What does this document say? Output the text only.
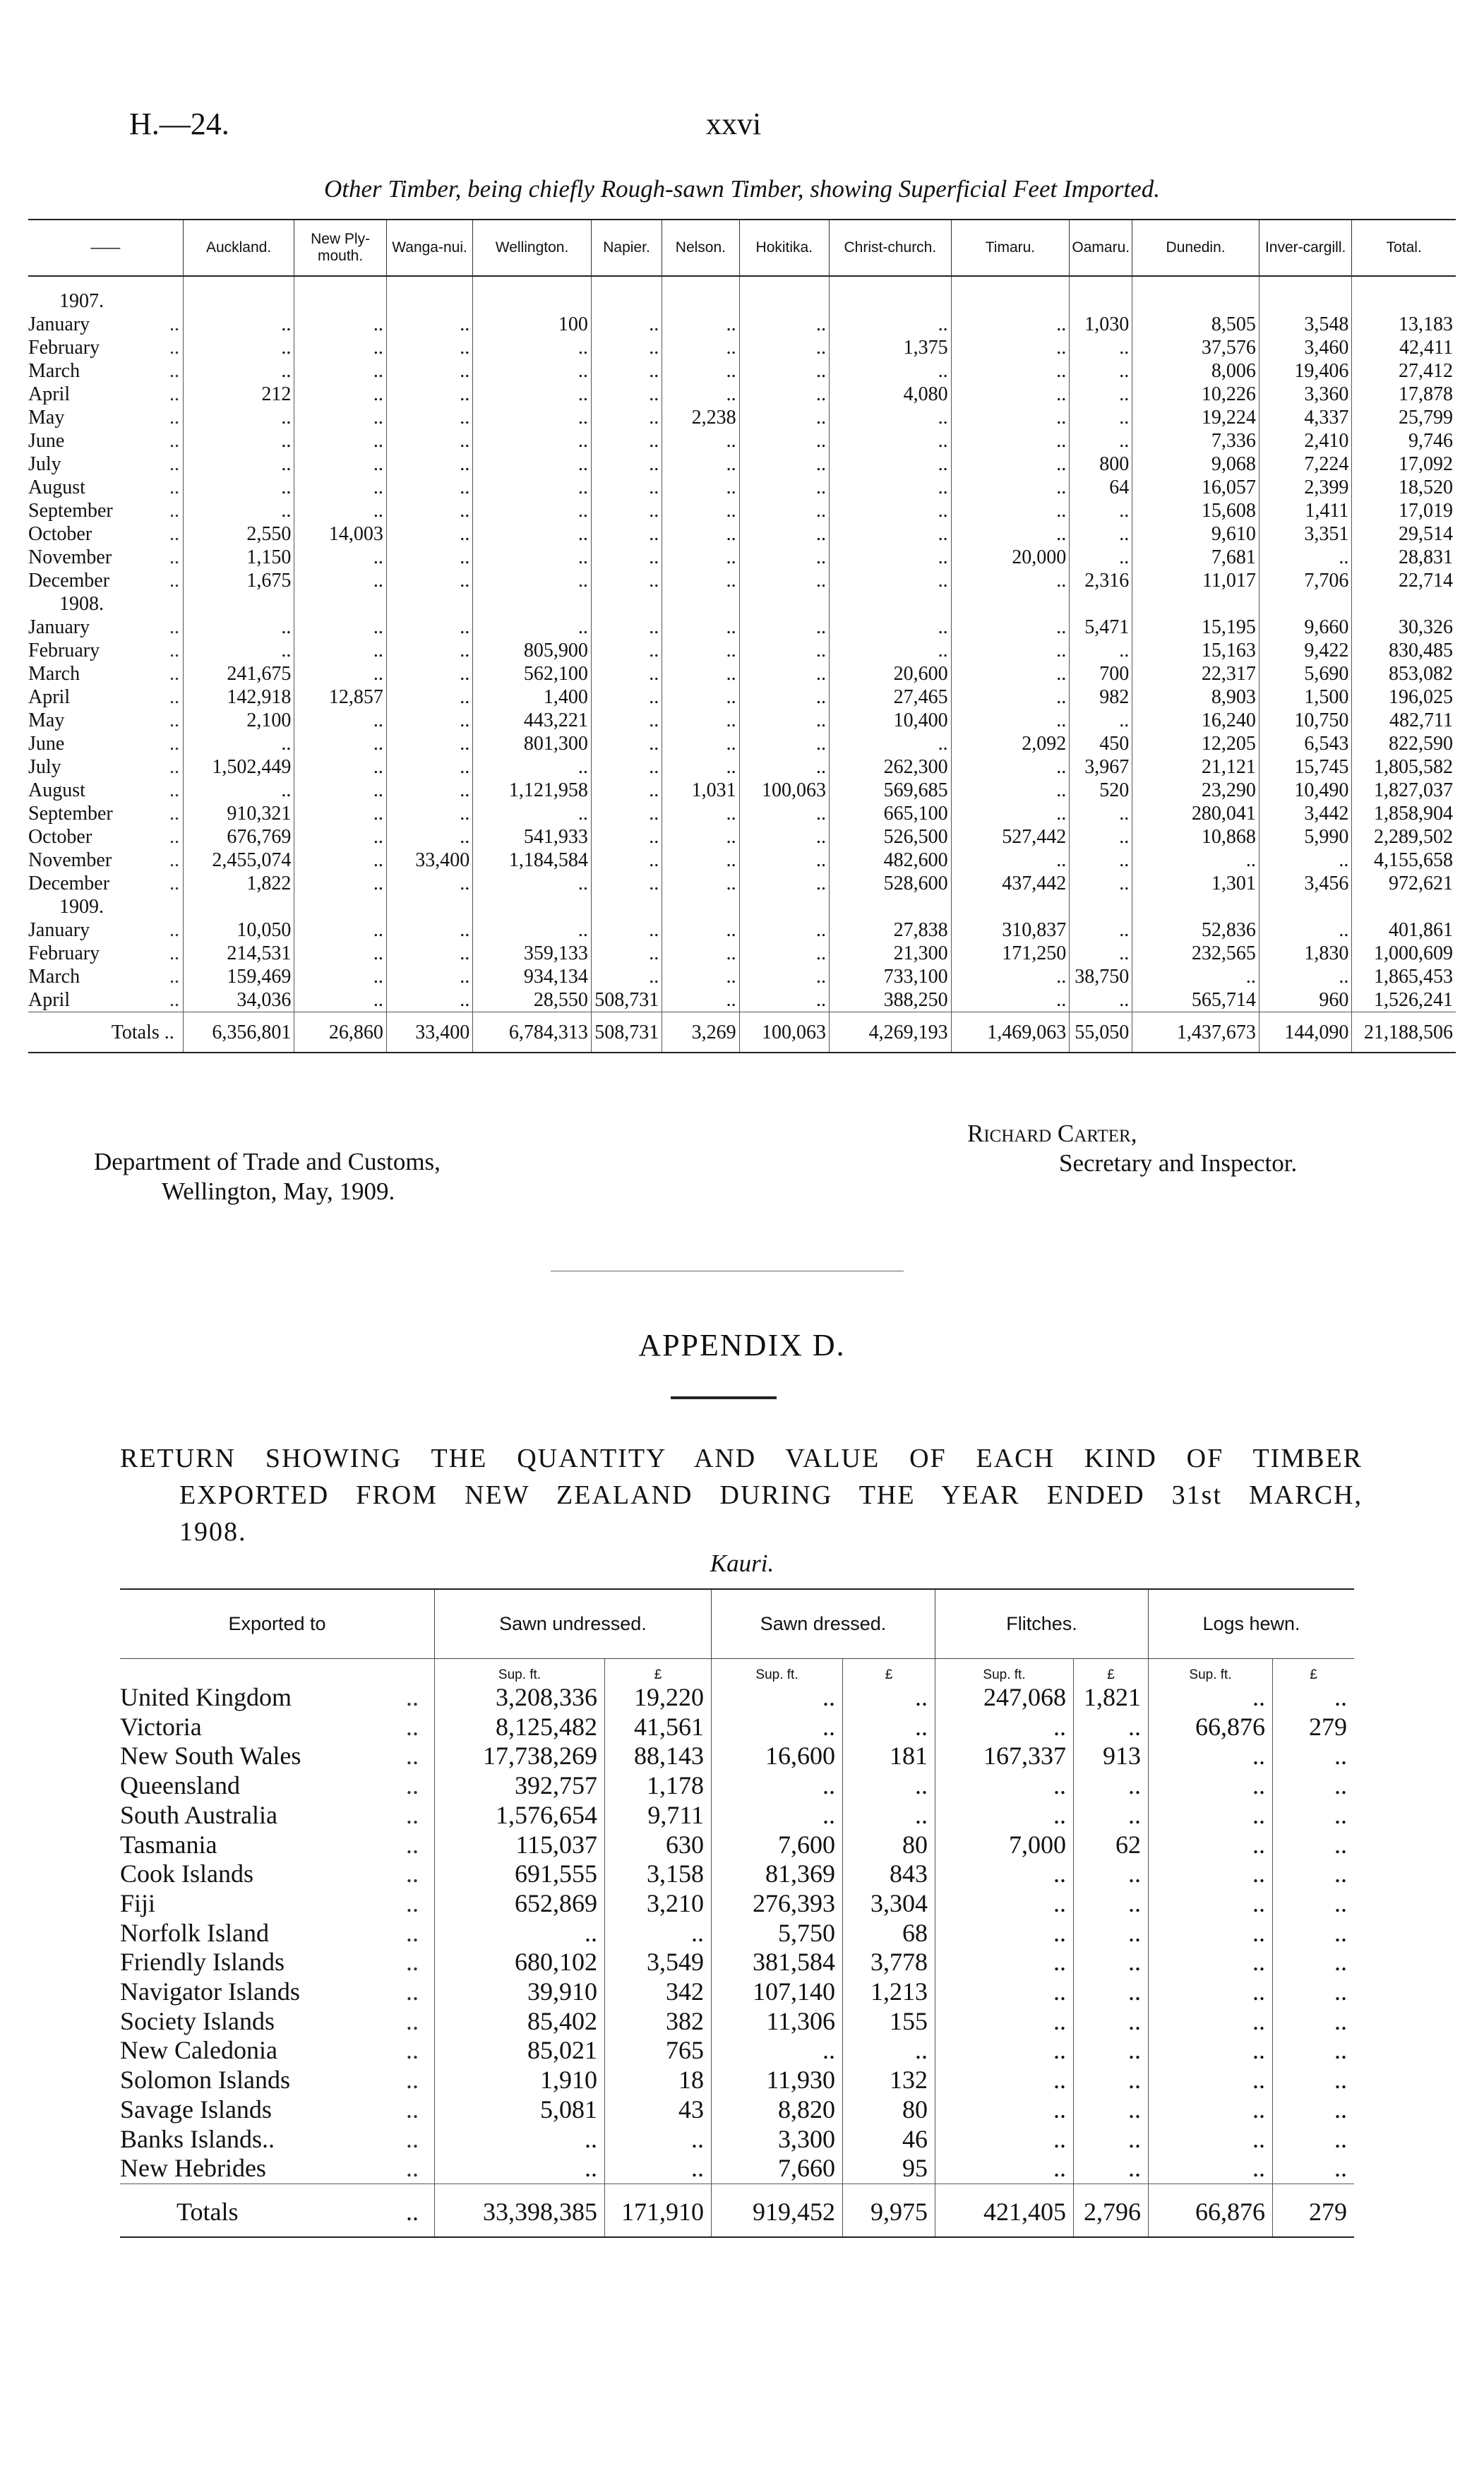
H.—24.	xxvi
Other Timber, being chiefly Rough-sawn Timber, showing Superficial Feet Imported.
——	Auckland.	New Ply-mouth.	Wanga-nui.	Wellington.	Napier.	Nelson.	Hokitika.	Christ-church.	Timaru.	Oamaru.	Dunedin.	Inver-cargill.	Total.

1907.													
January ..	..	..	..	100	..	..	..	..	..	1,030	8,505	3,548	13,183
February ..	..	..	..	..	..	..	..	1,375	..	..	37,576	3,460	42,411
March ..	..	..	..	..	..	..	..	..	..	..	8,006	19,406	27,412
April ..	212	..	..	..	..	..	..	4,080	..	..	10,226	3,360	17,878
May ..	..	..	..	..	..	2,238	..	..	..	..	19,224	4,337	25,799
June ..	..	..	..	..	..	..	..	..	..	..	7,336	2,410	9,746
July ..	..	..	..	..	..	..	..	..	..	800	9,068	7,224	17,092
August ..	..	..	..	..	..	..	..	..	..	64	16,057	2,399	18,520
September ..	..	..	..	..	..	..	..	..	..	..	15,608	1,411	17,019
October ..	2,550	14,003	..	..	..	..	..	..	..	..	9,610	3,351	29,514
November ..	1,150	..	..	..	..	..	..	..	20,000	..	7,681	..	28,831
December ..	1,675	..	..	..	..	..	..	..	..	2,316	11,017	7,706	22,714
1908.													
January ..	..	..	..	..	..	..	..	..	..	5,471	15,195	9,660	30,326
February ..	..	..	..	805,900	..	..	..	..	..	..	15,163	9,422	830,485
March ..	241,675	..	..	562,100	..	..	..	20,600	..	700	22,317	5,690	853,082
April ..	142,918	12,857	..	1,400	..	..	..	27,465	..	982	8,903	1,500	196,025
May ..	2,100	..	..	443,221	..	..	..	10,400	..	..	16,240	10,750	482,711
June ..	..	..	..	801,300	..	..	..	..	2,092	450	12,205	6,543	822,590
July ..	1,502,449	..	..	..	..	..	..	262,300	..	3,967	21,121	15,745	1,805,582
August ..	..	..	..	1,121,958	..	1,031	100,063	569,685	..	520	23,290	10,490	1,827,037
September ..	910,321	..	..	..	..	..	..	665,100	..	..	280,041	3,442	1,858,904
October ..	676,769	..	..	541,933	..	..	..	526,500	527,442	..	10,868	5,990	2,289,502
November ..	2,455,074	..	33,400	1,184,584	..	..	..	482,600	..	..	..	..	4,155,658
December ..	1,822	..	..	..	..	..	..	528,600	437,442	..	1,301	3,456	972,621
1909.													
January ..	10,050	..	..	..	..	..	..	27,838	310,837	..	52,836	..	401,861
February ..	214,531	..	..	359,133	..	..	..	21,300	171,250	..	232,565	1,830	1,000,609
March ..	159,469	..	..	934,134	..	..	..	733,100	..	38,750	..	..	1,865,453
April ..	34,036	..	..	28,550	508,731	..	..	388,250	..	..	565,714	960	1,526,241
Totals ..	6,356,801	26,860	33,400	6,784,313	508,731	3,269	100,063	4,269,193	1,469,063	55,050	1,437,673	144,090	21,188,506
Department of Trade and Customs,
Wellington, May, 1909.
Richard Carter,
Secretary and Inspector.
APPENDIX D.
RETURN SHOWING THE QUANTITY AND VALUE OF EACH KIND OF TIMBER
EXPORTED FROM NEW ZEALAND DURING THE YEAR ENDED 31st MARCH,
1908.
Kauri.
Exported to	Sawn undressed.		Sawn dressed.		Flitches.		Logs hewn.	
	Sup. ft.	£	Sup. ft.	£	Sup. ft.	£	Sup. ft.	£
United Kingdom ..	3,208,336	19,220	..	..	247,068	1,821	..	..
Victoria ..	8,125,482	41,561	..	..	..	..	66,876	279
New South Wales ..	17,738,269	88,143	16,600	181	167,337	913	..	..
Queensland ..	392,757	1,178	..	..	..	..	..	..
South Australia ..	1,576,654	9,711	..	..	..	..	..	..
Tasmania ..	115,037	630	7,600	80	7,000	62	..	..
Cook Islands ..	691,555	3,158	81,369	843	..	..	..	..
Fiji ..	652,869	3,210	276,393	3,304	..	..	..	..
Norfolk Island ..	..	..	5,750	68	..	..	..	..
Friendly Islands ..	680,102	3,549	381,584	3,778	..	..	..	..
Navigator Islands ..	39,910	342	107,140	1,213	..	..	..	..
Society Islands ..	85,402	382	11,306	155	..	..	..	..
New Caledonia ..	85,021	765	..	..	..	..	..	..
Solomon Islands ..	1,910	18	11,930	132	..	..	..	..
Savage Islands ..	5,081	43	8,820	80	..	..	..	..
Banks Islands.. ..	..	..	3,300	46	..	..	..	..
New Hebrides ..	..	..	7,660	95	..	..	..	..
Totals ..	33,398,385	171,910	919,452	9,975	421,405	2,796	66,876	279
